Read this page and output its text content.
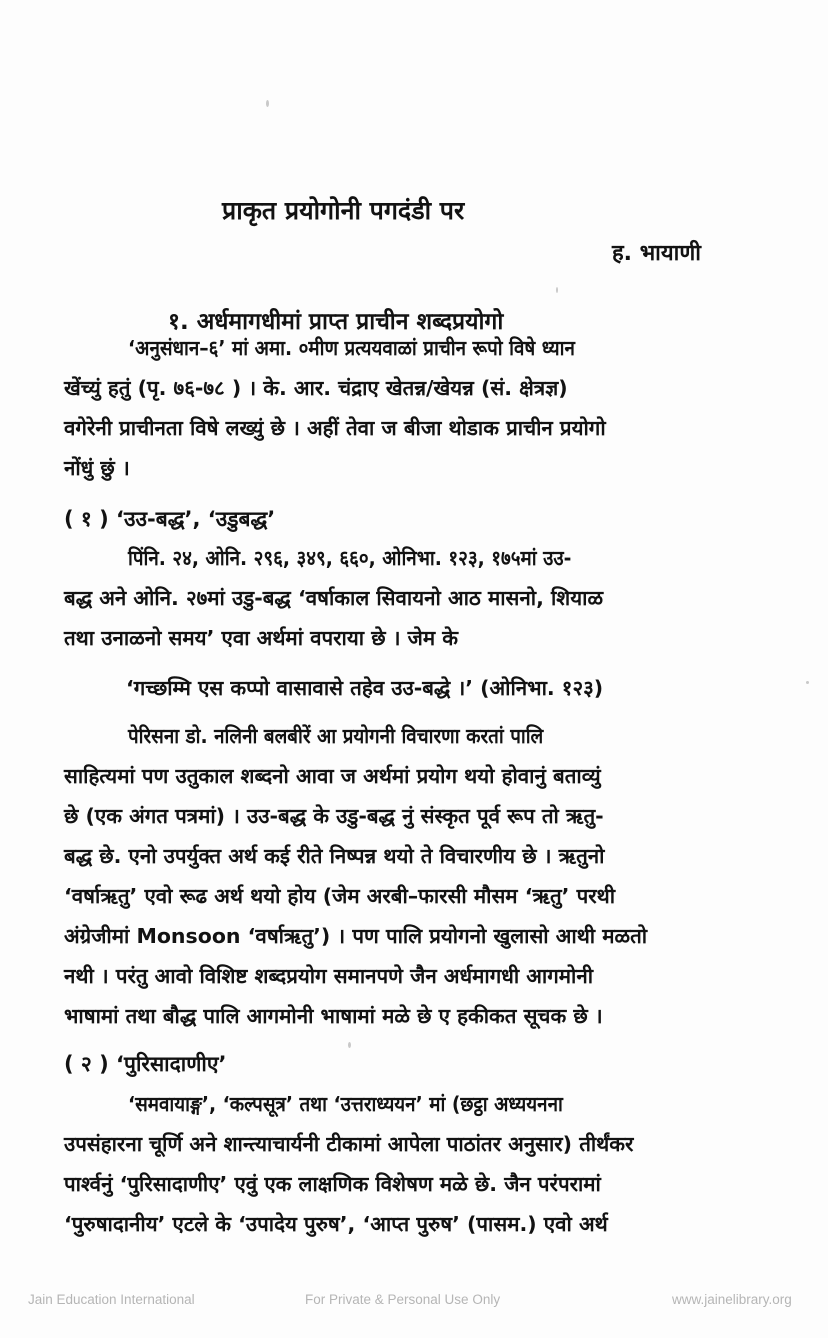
प्राकृत प्रयोगोनी पगदंडी पर
ह. भायाणी
१. अर्धमागधीमां प्राप्त प्राचीन शब्दप्रयोगो
‘अनुसंधान–६’ मां अमा. ०मीण प्रत्ययवाळां प्राचीन रूपो विषे ध्यान
खेंच्युं हतुं (पृ. ७६-७८ ) । के. आर. चंद्राए खेतन्न/खेयन्न (सं. क्षेत्रज्ञ)
वगेरेनी प्राचीनता विषे लख्युं छे । अहीं तेवा ज बीजा थोडाक प्राचीन प्रयोगो
नोंधुं छुं ।
( १ ) ‘उउ-बद्ध’, ‘उडुबद्ध’
पिंनि. २४, ओनि. २९६, ३४९, ६६०, ओनिभा. १२३, १७५मां उउ-
बद्ध अने ओनि. २७मां उडु-बद्ध ‘वर्षाकाल सिवायनो आठ मासनो, शियाळ
तथा उनाळनो समय’ एवा अर्थमां वपराया छे । जेम के
‘गच्छम्मि एस कप्पो वासावासे तहेव उउ-बद्धे ।’ (ओनिभा. १२३)
पेरिसना डो. नलिनी बलबीरें आ प्रयोगनी विचारणा करतां पालि
साहित्यमां पण उतुकाल शब्दनो आवा ज अर्थमां प्रयोग थयो होवानुं बताव्युं
छे (एक अंगत पत्रमां) । उउ-बद्ध के उडु-बद्ध नुं संस्कृत पूर्व रूप तो ऋतु-
बद्ध छे. एनो उपर्युक्त अर्थ कई रीते निष्पन्न थयो ते विचारणीय छे । ऋतुनो
‘वर्षाऋतु’ एवो रूढ अर्थ थयो होय (जेम अरबी–फारसी मौसम ‘ऋतु’ परथी
अंग्रेजीमां Monsoon ‘वर्षाऋतु’) । पण पालि प्रयोगनो खुलासो आथी मळतो
नथी । परंतु आवो विशिष्ट शब्दप्रयोग समानपणे जैन अर्धमागधी आगमोनी
भाषामां तथा बौद्ध पालि आगमोनी भाषामां मळे छे ए हकीकत सूचक छे ।
( २ ) ‘पुरिसादाणीए’
‘समवायाङ्ग’, ‘कल्पसूत्र’ तथा ‘उत्तराध्ययन’ मां (छट्ठा अध्ययनना
उपसंहारना चूर्णि अने शान्त्याचार्यनी टीकामां आपेला पाठांतर अनुसार) तीर्थंकर
पार्श्वनुं ‘पुरिसादाणीए’ एवुं एक लाक्षणिक विशेषण मळे छे. जैन परंपरामां
‘पुरुषादानीय’ एटले के ‘उपादेय पुरुष’, ‘आप्त पुरुष’ (पासम.) एवो अर्थ
Jain Education International	For Private & Personal Use Only	www.jainelibrary.org
